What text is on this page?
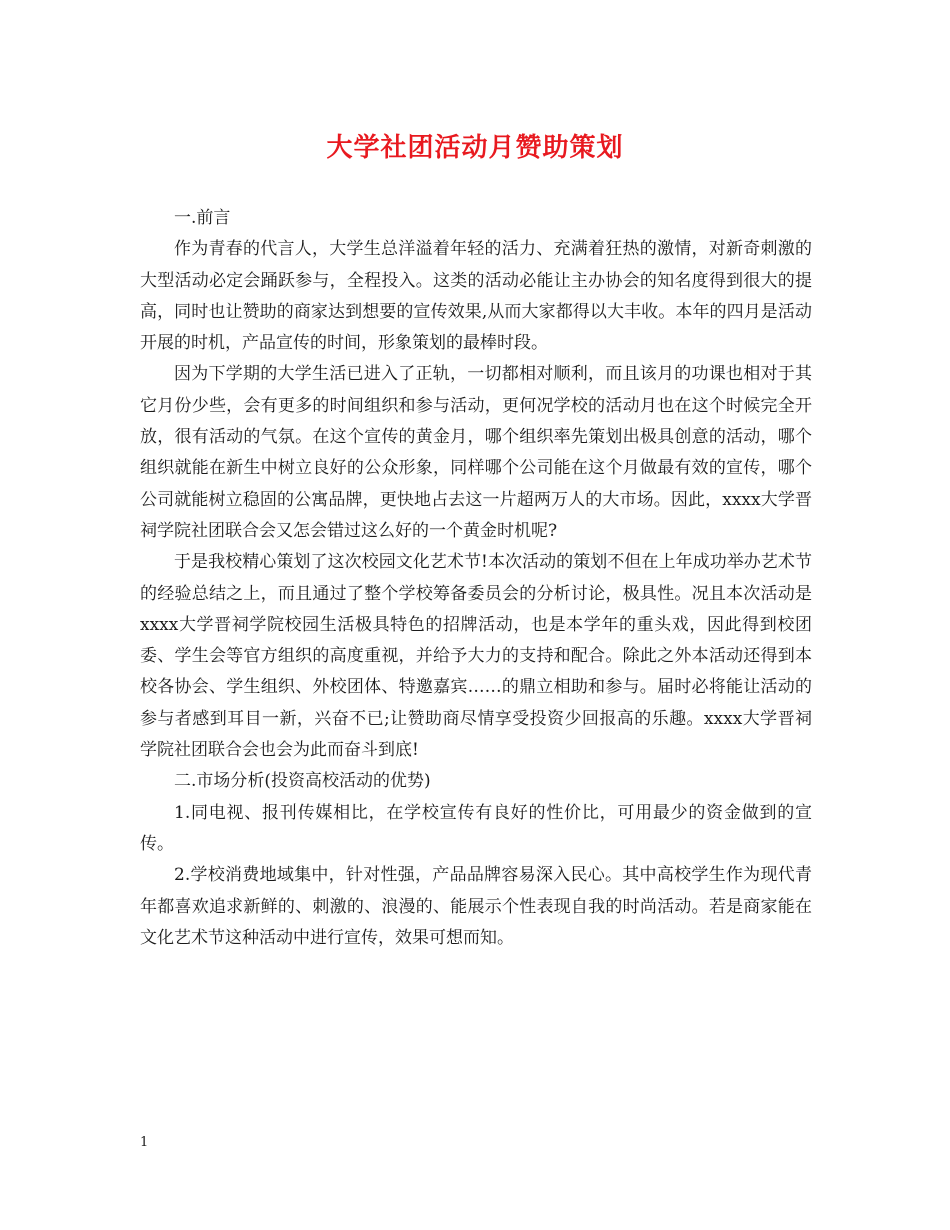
大学社团活动月赞助策划

一.前言

作为青春的代言人，大学生总洋溢着年轻的活力、充满着狂热的激情，对新奇刺激的大型活动必定会踊跃参与，全程投入。这类的活动必能让主办协会的知名度得到很大的提高，同时也让赞助的商家达到想要的宣传效果,从而大家都得以大丰收。本年的四月是活动开展的时机，产品宣传的时间，形象策划的最棒时段。

因为下学期的大学生活已进入了正轨，一切都相对顺利，而且该月的功课也相对于其它月份少些，会有更多的时间组织和参与活动，更何况学校的活动月也在这个时候完全开放，很有活动的气氛。在这个宣传的黄金月，哪个组织率先策划出极具创意的活动，哪个组织就能在新生中树立良好的公众形象，同样哪个公司能在这个月做最有效的宣传，哪个公司就能树立稳固的公寓品牌，更快地占去这一片超两万人的大市场。因此，xxxx大学晋祠学院社团联合会又怎会错过这么好的一个黄金时机呢?

于是我校精心策划了这次校园文化艺术节!本次活动的策划不但在上年成功举办艺术节的经验总结之上，而且通过了整个学校筹备委员会的分析讨论，极具性。况且本次活动是xxxx大学晋祠学院校园生活极具特色的招牌活动，也是本学年的重头戏，因此得到校团委、学生会等官方组织的高度重视，并给予大力的支持和配合。除此之外本活动还得到本校各协会、学生组织、外校团体、特邀嘉宾……的鼎立相助和参与。届时必将能让活动的参与者感到耳目一新，兴奋不已;让赞助商尽情享受投资少回报高的乐趣。xxxx大学晋祠学院社团联合会也会为此而奋斗到底!

二.市场分析(投资高校活动的优势)

1.同电视、报刊传媒相比，在学校宣传有良好的性价比，可用最少的资金做到的宣传。

2.学校消费地域集中，针对性强，产品品牌容易深入民心。其中高校学生作为现代青年都喜欢追求新鲜的、刺激的、浪漫的、能展示个性表现自我的时尚活动。若是商家能在文化艺术节这种活动中进行宣传，效果可想而知。

1
